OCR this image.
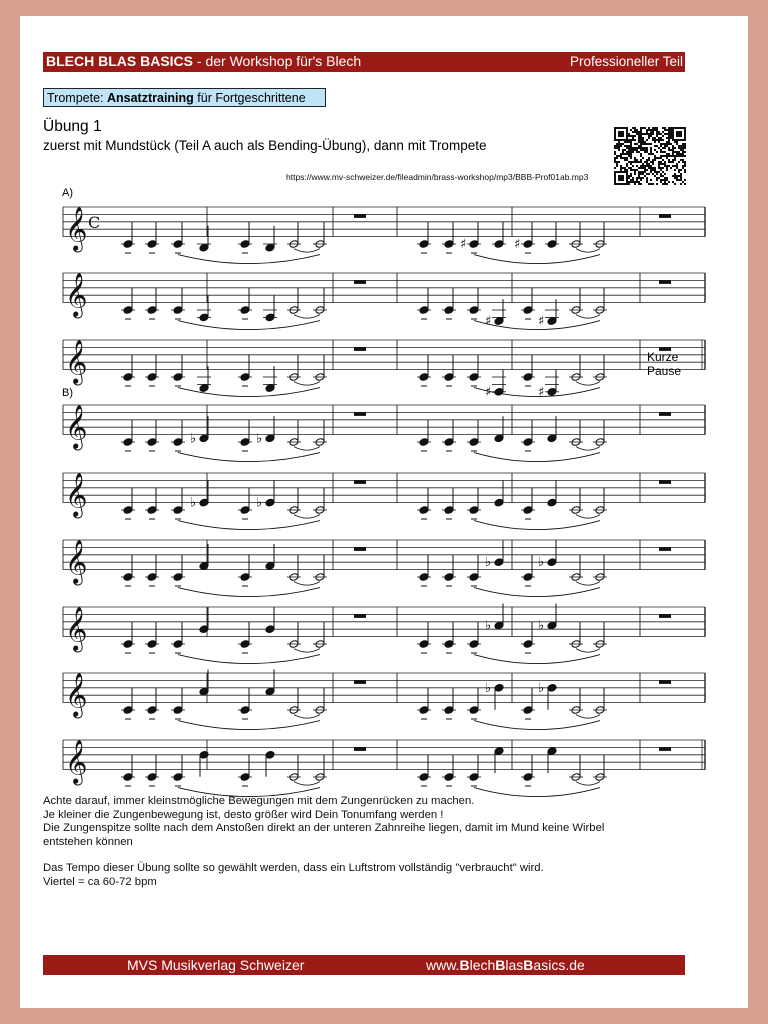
BLECH BLAS BASICS - der Workshop für's Blech	Professioneller Teil
Trompete: Ansatztraining für Fortgeschrittene
Übung 1
zuerst mit Mundstück (Teil A auch als Bending-Übung), dann mit Trompete
https://www.mv-schweizer.de/fileadmin/brass-workshop/mp3/BBB-Prof01ab.mp3
𝄞 C
♯	♯
𝄞
♯	♯
𝄞
♯	♯
𝄞	♭	♭
𝄞	♭	♭
𝄞	♭	♭
𝄞	♭	♭
𝄞	♭	♭
𝄞
A)
B)
Kurze
Pause

Achte darauf, immer kleinstmögliche Bewegungen mit dem Zungenrücken zu machen.

Je kleiner die Zungenbewegung ist, desto größer wird Dein Tonumfang werden !

Die Zungenspitze sollte nach dem Anstoßen direkt an der unteren Zahnreihe liegen, damit im Mund keine Wirbel

entstehen können

Das Tempo dieser Übung sollte so gewählt werden, dass ein Luftstrom vollständig "verbraucht" wird.

Viertel = ca 60-72 bpm

MVS Musikverlag Schweizer	www.BlechBlasBasics.de
